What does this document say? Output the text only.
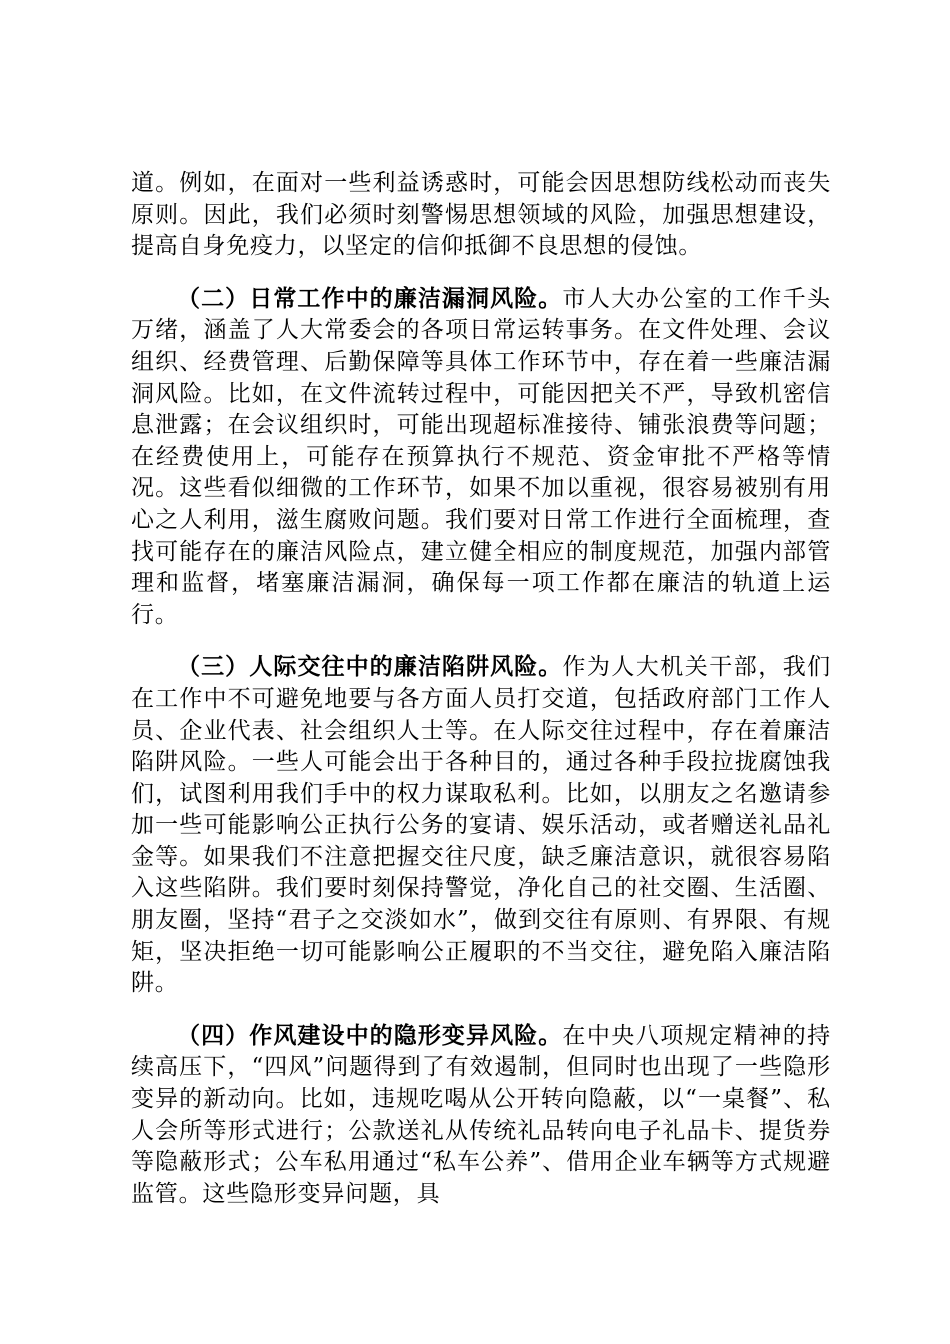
道。例如，在面对一些利益诱惑时，可能会因思想防线松动而丧失原则。因此，我们必须时刻警惕思想领域的风险，加强思想建设，提高自身免疫力，以坚定的信仰抵御不良思想的侵蚀。

（二）日常工作中的廉洁漏洞风险。市人大办公室的工作千头万绪，涵盖了人大常委会的各项日常运转事务。在文件处理、会议组织、经费管理、后勤保障等具体工作环节中，存在着一些廉洁漏洞风险。比如，在文件流转过程中，可能因把关不严，导致机密信息泄露；在会议组织时，可能出现超标准接待、铺张浪费等问题；在经费使用上，可能存在预算执行不规范、资金审批不严格等情况。这些看似细微的工作环节，如果不加以重视，很容易被别有用心之人利用，滋生腐败问题。我们要对日常工作进行全面梳理，查找可能存在的廉洁风险点，建立健全相应的制度规范，加强内部管理和监督，堵塞廉洁漏洞，确保每一项工作都在廉洁的轨道上运行。

（三）人际交往中的廉洁陷阱风险。作为人大机关干部，我们在工作中不可避免地要与各方面人员打交道，包括政府部门工作人员、企业代表、社会组织人士等。在人际交往过程中，存在着廉洁陷阱风险。一些人可能会出于各种目的，通过各种手段拉拢腐蚀我们，试图利用我们手中的权力谋取私利。比如，以朋友之名邀请参加一些可能影响公正执行公务的宴请、娱乐活动，或者赠送礼品礼金等。如果我们不注意把握交往尺度，缺乏廉洁意识，就很容易陷入这些陷阱。我们要时刻保持警觉，净化自己的社交圈、生活圈、朋友圈，坚持“君子之交淡如水”，做到交往有原则、有界限、有规矩，坚决拒绝一切可能影响公正履职的不当交往，避免陷入廉洁陷阱。

（四）作风建设中的隐形变异风险。在中央八项规定精神的持续高压下，“四风”问题得到了有效遏制，但同时也出现了一些隐形变异的新动向。比如，违规吃喝从公开转向隐蔽，以“一桌餐”、私人会所等形式进行；公款送礼从传统礼品转向电子礼品卡、提货券等隐蔽形式；公车私用通过“私车公养”、借用企业车辆等方式规避监管。这些隐形变异问题，具
